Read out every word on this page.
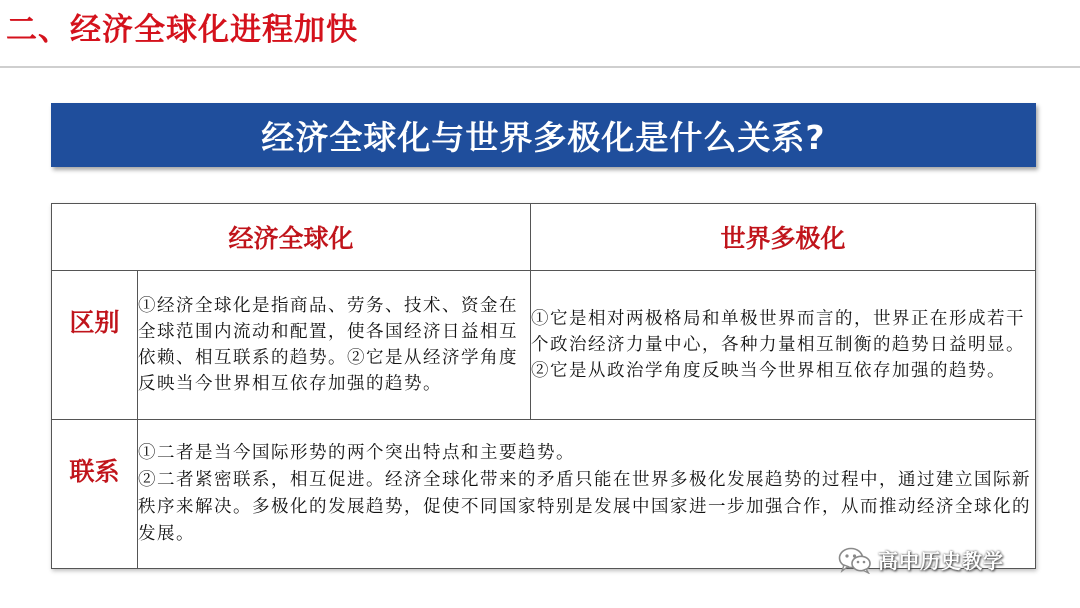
二、经济全球化进程加快
经济全球化与世界多极化是什么关系?
经济全球化		世界多极化
区别	①经济全球化是指商品、劳务、技术、资金在全球范围内流动和配置，使各国经济日益相互依赖、相互联系的趋势。②它是从经济学角度反映当今世界相互依存加强的趋势。	①它是相对两极格局和单极世界而言的，世界正在形成若干个政治经济力量中心，各种力量相互制衡的趋势日益明显。②它是从政治学角度反映当今世界相互依存加强的趋势。
联系	①二者是当今国际形势的两个突出特点和主要趋势。

②二者紧密联系，相互促进。经济全球化带来的矛盾只能在世界多极化发展趋势的过程中，通过建立国际新秩序来解决。多极化的发展趋势，促使不同国家特别是发展中国家进一步加强合作，从而推动经济全球化的发展。	

高中历史教学
